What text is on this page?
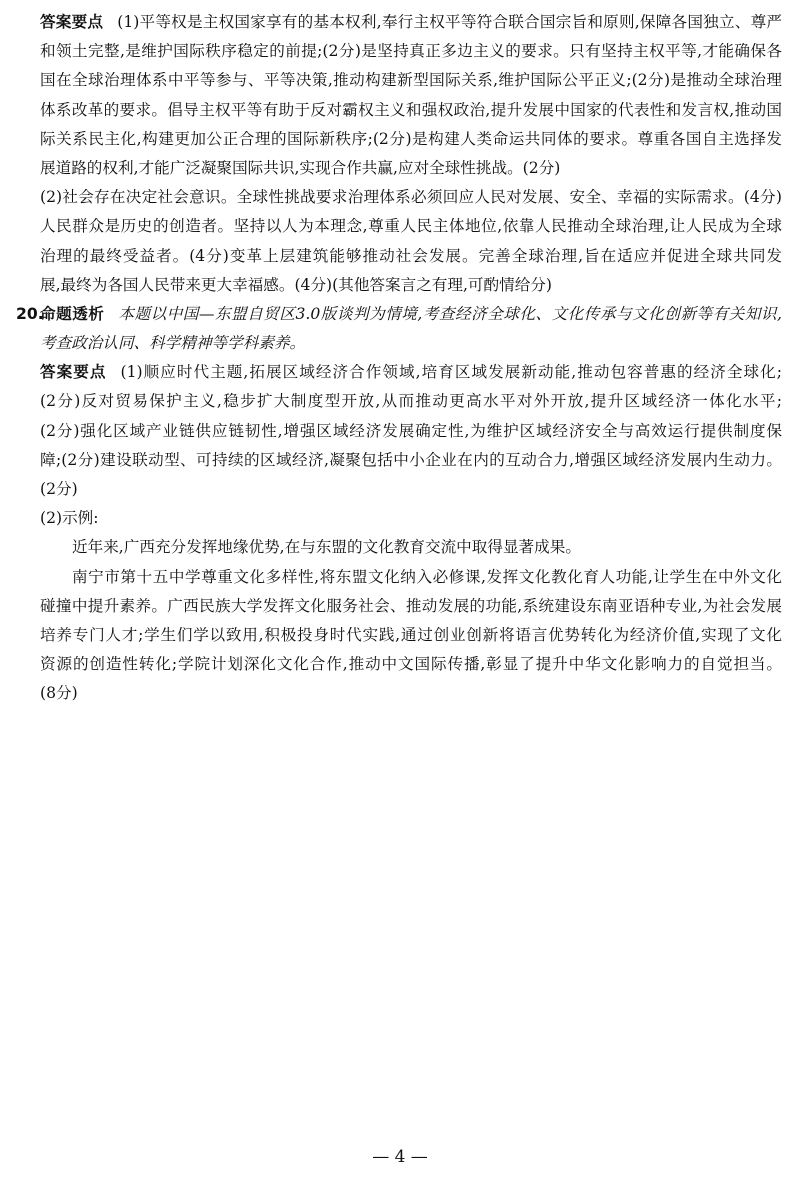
答案要点 (1)平等权是主权国家享有的基本权利,奉行主权平等符合联合国宗旨和原则,保障各国独立、尊严
和领土完整,是维护国际秩序稳定的前提;(2分)是坚持真正多边主义的要求。只有坚持主权平等,才能确保各
国在全球治理体系中平等参与、平等决策,推动构建新型国际关系,维护国际公平正义;(2分)是推动全球治理
体系改革的要求。倡导主权平等有助于反对霸权主义和强权政治,提升发展中国家的代表性和发言权,推动国
际关系民主化,构建更加公正合理的国际新秩序;(2分)是构建人类命运共同体的要求。尊重各国自主选择发
展道路的权利,才能广泛凝聚国际共识,实现合作共赢,应对全球性挑战。(2分)
(2)社会存在决定社会意识。全球性挑战要求治理体系必须回应人民对发展、安全、幸福的实际需求。(4分)
人民群众是历史的创造者。坚持以人为本理念,尊重人民主体地位,依靠人民推动全球治理,让人民成为全球
治理的最终受益者。(4分)变革上层建筑能够推动社会发展。完善全球治理,旨在适应并促进全球共同发
展,最终为各国人民带来更大幸福感。(4分)(其他答案言之有理,可酌情给分)
20.
命题透析 本题以中国—东盟自贸区3.0版谈判为情境,考查经济全球化、文化传承与文化创新等有关知识,
考查政治认同、科学精神等学科素养。
答案要点 (1)顺应时代主题,拓展区域经济合作领域,培育区域发展新动能,推动包容普惠的经济全球化;
(2分)反对贸易保护主义,稳步扩大制度型开放,从而推动更高水平对外开放,提升区域经济一体化水平;
(2分)强化区域产业链供应链韧性,增强区域经济发展确定性,为维护区域经济安全与高效运行提供制度保
障;(2分)建设联动型、可持续的区域经济,凝聚包括中小企业在内的互动合力,增强区域经济发展内生动力。
(2分)
(2)示例:
近年来,广西充分发挥地缘优势,在与东盟的文化教育交流中取得显著成果。
南宁市第十五中学尊重文化多样性,将东盟文化纳入必修课,发挥文化教化育人功能,让学生在中外文化
碰撞中提升素养。广西民族大学发挥文化服务社会、推动发展的功能,系统建设东南亚语种专业,为社会发展
培养专门人才;学生们学以致用,积极投身时代实践,通过创业创新将语言优势转化为经济价值,实现了文化
资源的创造性转化;学院计划深化文化合作,推动中文国际传播,彰显了提升中华文化影响力的自觉担当。
(8分)
— 4 —
